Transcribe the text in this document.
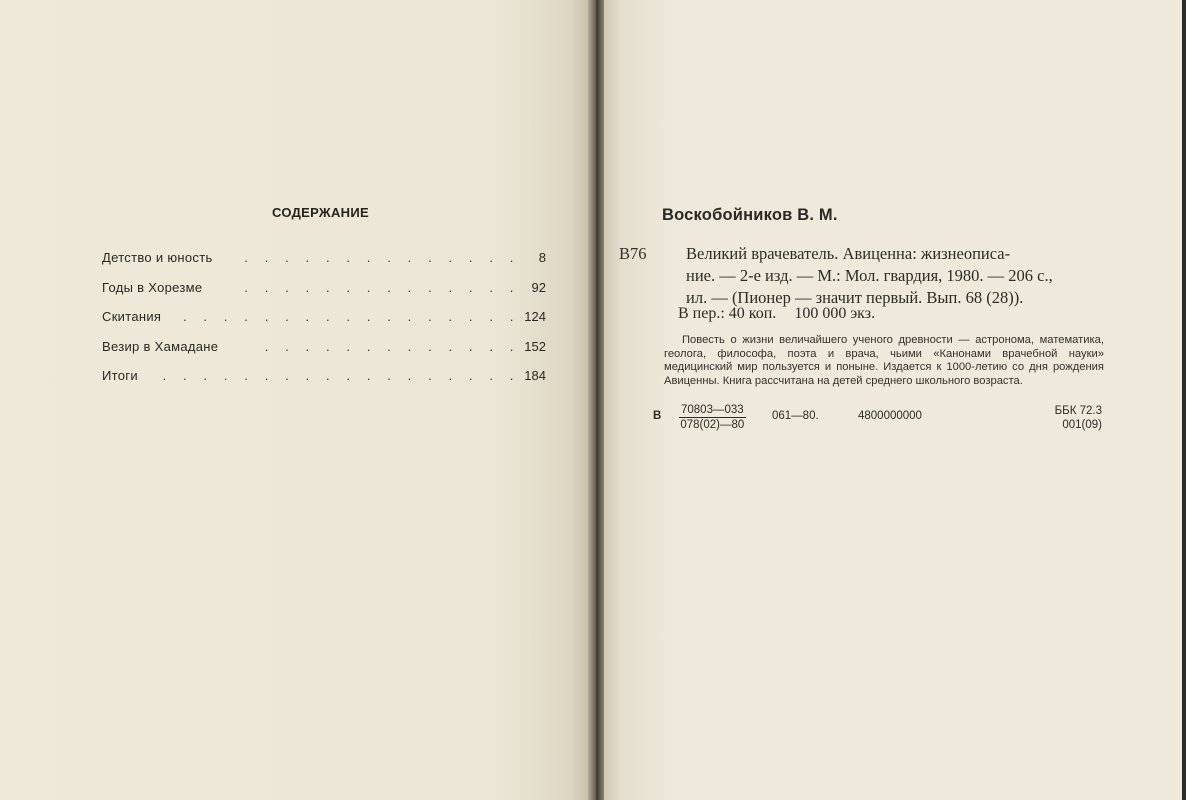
СОДЕРЖАНИЕ
Детство и юность . . . . . . . . . . . . . . 8
Годы в Хорезме	. . . . . . . . . . . . . . 92
Скитания . . . . . . . . . . . . . . . . . 124
Везир в Хамадане	. . . . . . . . . . . . . 152
Итоги . . . . . . . . . . . . . . . . . . 184
Воскобойников В. М.
В76 Великий врачеватель. Авиценна: жизнеописа-
ние. — 2-е изд. — М.: Мол. гвардия, 1980. — 206 с.,
ил. — (Пионер — значит первый. Вып. 68 (28)).
В пер.: 40 коп. 100 000 экз.
Повесть о жизни величайшего ученого древности — астронома, математика, геолога, философа, поэта и врача, чьими «Канонами врачебной науки» медицинский мир пользуется и поныне. Издается к 1000-летию со дня рождения Авиценны. Книга рассчитана на детей среднего школьного возраста.
В $\frac{70803—033}{078(02)—80}$ 061—80.	4800000000	ББК 72.3
001(09)
